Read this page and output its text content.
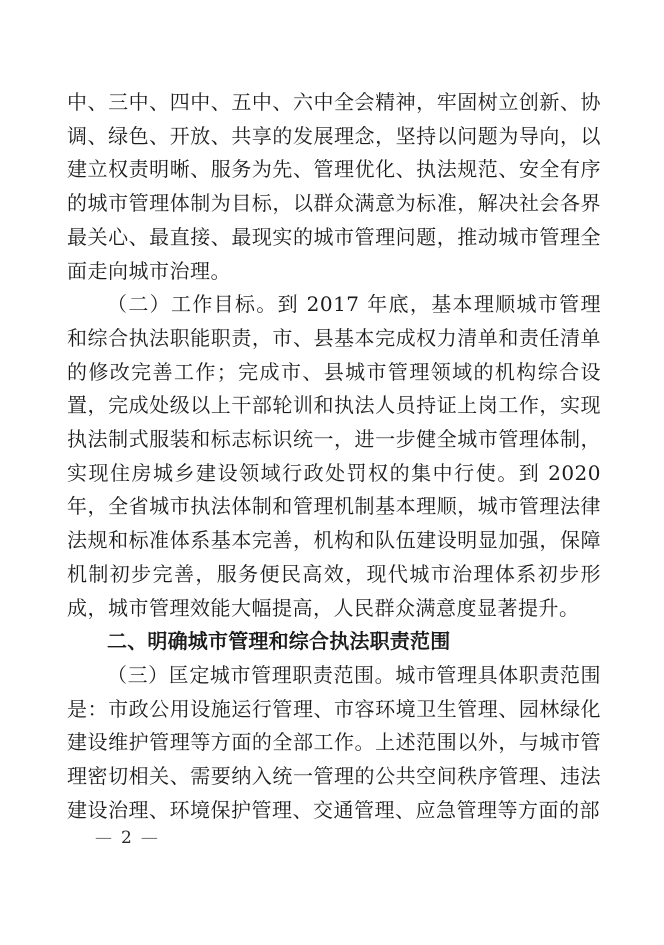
中、三中、四中、五中、六中全会精神，牢固树立创新、协调、绿色、开放、共享的发展理念，坚持以问题为导向，以建立权责明晰、服务为先、管理优化、执法规范、安全有序的城市管理体制为目标，以群众满意为标准，解决社会各界最关心、最直接、最现实的城市管理问题，推动城市管理全面走向城市治理。

（二）工作目标。到 2017 年底，基本理顺城市管理和综合执法职能职责，市、县基本完成权力清单和责任清单的修改完善工作；完成市、县城市管理领域的机构综合设置，完成处级以上干部轮训和执法人员持证上岗工作，实现执法制式服装和标志标识统一，进一步健全城市管理体制，实现住房城乡建设领域行政处罚权的集中行使。到 2020 年，全省城市执法体制和管理机制基本理顺，城市管理法律法规和标准体系基本完善，机构和队伍建设明显加强，保障机制初步完善，服务便民高效，现代城市治理体系初步形成，城市管理效能大幅提高，人民群众满意度显著提升。

二、明确城市管理和综合执法职责范围

（三）匡定城市管理职责范围。城市管理具体职责范围是：市政公用设施运行管理、市容环境卫生管理、园林绿化建设维护管理等方面的全部工作。上述范围以外，与城市管理密切相关、需要纳入统一管理的公共空间秩序管理、违法建设治理、环境保护管理、交通管理、应急管理等方面的部

— 2 —
